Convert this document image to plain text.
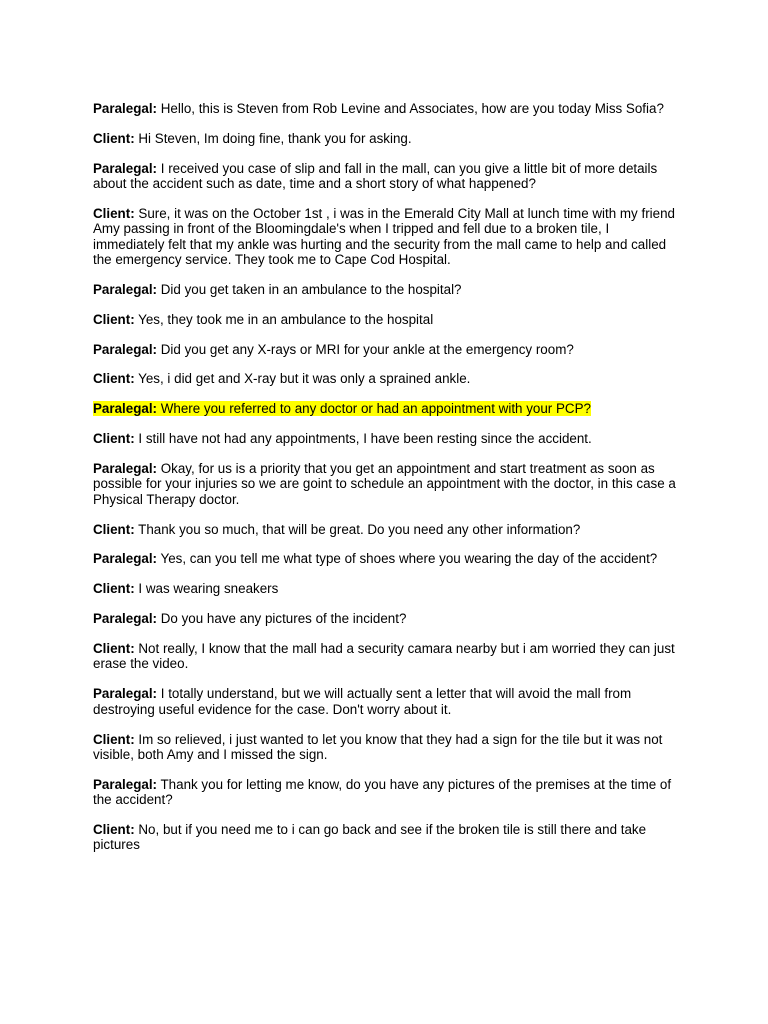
Paralegal: Hello, this is Steven from Rob Levine and Associates, how are you today Miss Sofia?

Client: Hi Steven, Im doing fine, thank you for asking.

Paralegal: I received you case of slip and fall in the mall, can you give a little bit of more details about the accident such as date, time and a short story of what happened?

Client: Sure, it was on the October 1st , i was in the Emerald City Mall at lunch time with my friend Amy passing in front of the Bloomingdale's when I tripped and fell due to a broken tile, I immediately felt that my ankle was hurting and the security from the mall came to help and called the emergency service. They took me to Cape Cod Hospital.

Paralegal: Did you get taken in an ambulance to the hospital?

Client: Yes, they took me in an ambulance to the hospital

Paralegal: Did you get any X-rays or MRI for your ankle at the emergency room?

Client: Yes, i did get and X-ray but it was only a sprained ankle.

Paralegal: Where you referred to any doctor or had an appointment with your PCP?

Client: I still have not had any appointments, I have been resting since the accident.

Paralegal: Okay, for us is a priority that you get an appointment and start treatment as soon as possible for your injuries so we are goint to schedule an appointment with the doctor, in this case a Physical Therapy doctor.

Client: Thank you so much, that will be great. Do you need any other information?

Paralegal: Yes, can you tell me what type of shoes where you wearing the day of the accident?

Client: I was wearing sneakers

Paralegal: Do you have any pictures of the incident?

Client: Not really, I know that the mall had a security camara nearby but i am worried they can just erase the video.

Paralegal: I totally understand, but we will actually sent a letter that will avoid the mall from destroying useful evidence for the case. Don't worry about it.

Client: Im so relieved, i just wanted to let you know that they had a sign for the tile but it was not visible, both Amy and I missed the sign.

Paralegal: Thank you for letting me know, do you have any pictures of the premises at the time of the accident?

Client: No, but if you need me to i can go back and see if the broken tile is still there and take pictures
